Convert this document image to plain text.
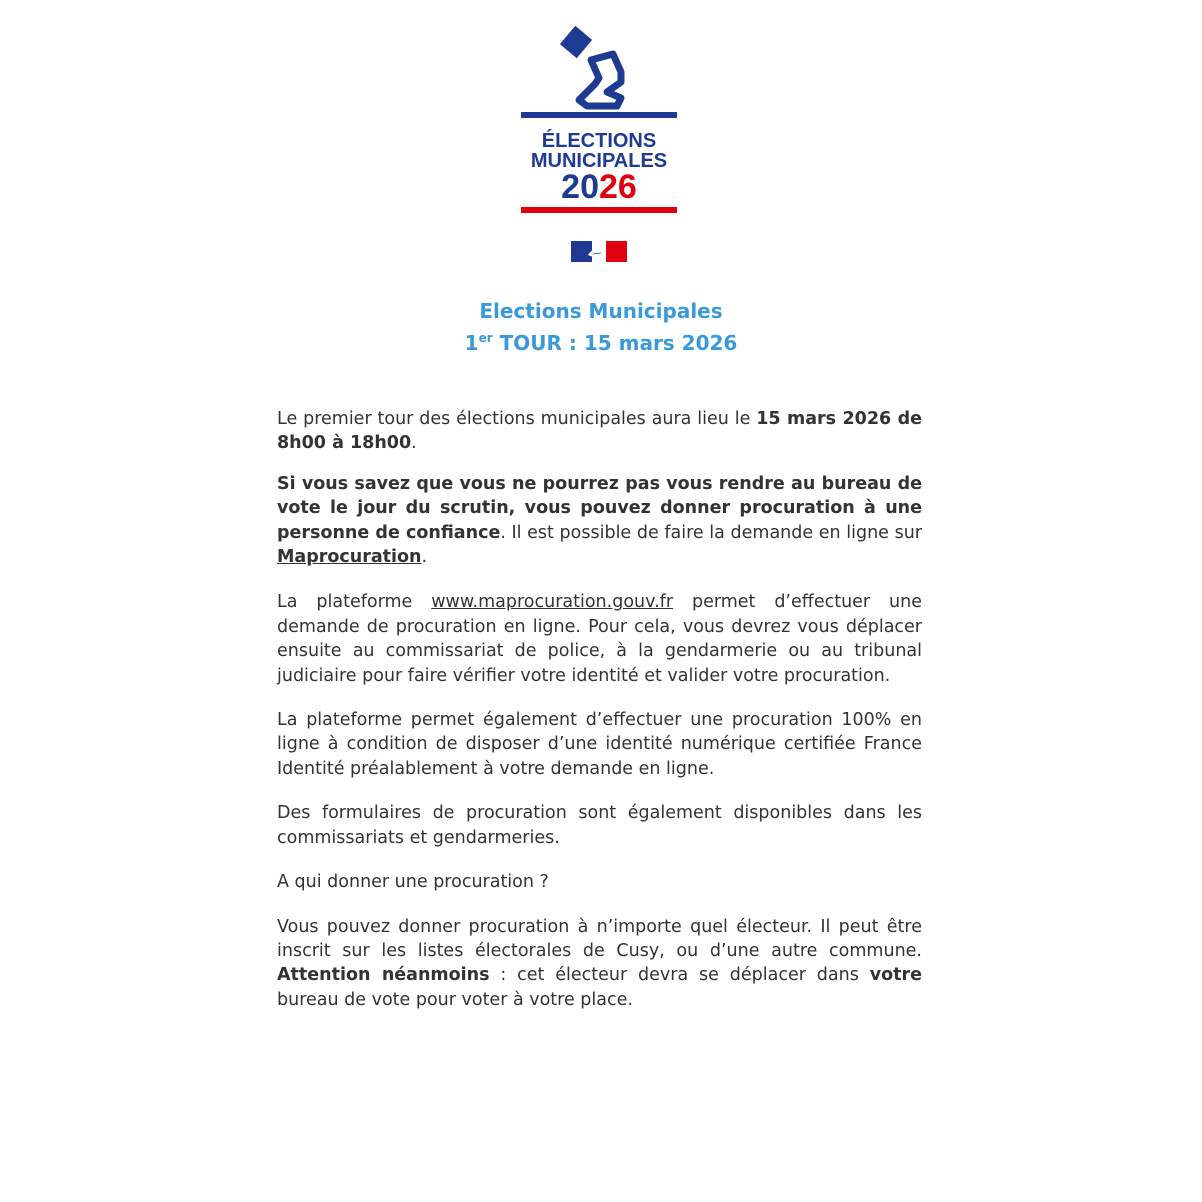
ÉLECTIONS
MUNICIPALES
2026
Elections Municipales
1er TOUR : 15 mars 2026

Le premier tour des élections municipales aura lieu le 15 mars 2026 de 8h00 à 18h00.

Si vous savez que vous ne pourrez pas vous rendre au bureau de vote le jour du scrutin, vous pouvez donner procuration à une personne de confiance. Il est possible de faire la demande en ligne sur Maprocuration.

La plateforme www.maprocuration.gouv.fr permet d’effectuer une demande de procuration en ligne. Pour cela, vous devrez vous déplacer ensuite au commissariat de police, à la gendarmerie ou au tribunal judiciaire pour faire vérifier votre identité et valider votre procuration.

La plateforme permet également d’effectuer une procuration 100% en ligne à condition de disposer d’une identité numérique certifiée France Identité préalablement à votre demande en ligne.

Des formulaires de procuration sont également disponibles dans les commissariats et gendarmeries.

A qui donner une procuration ?

Vous pouvez donner procuration à n’importe quel électeur. Il peut être inscrit sur les listes électorales de Cusy, ou d’une autre commune. Attention néanmoins : cet électeur devra se déplacer dans votre bureau de vote pour voter à votre place.
